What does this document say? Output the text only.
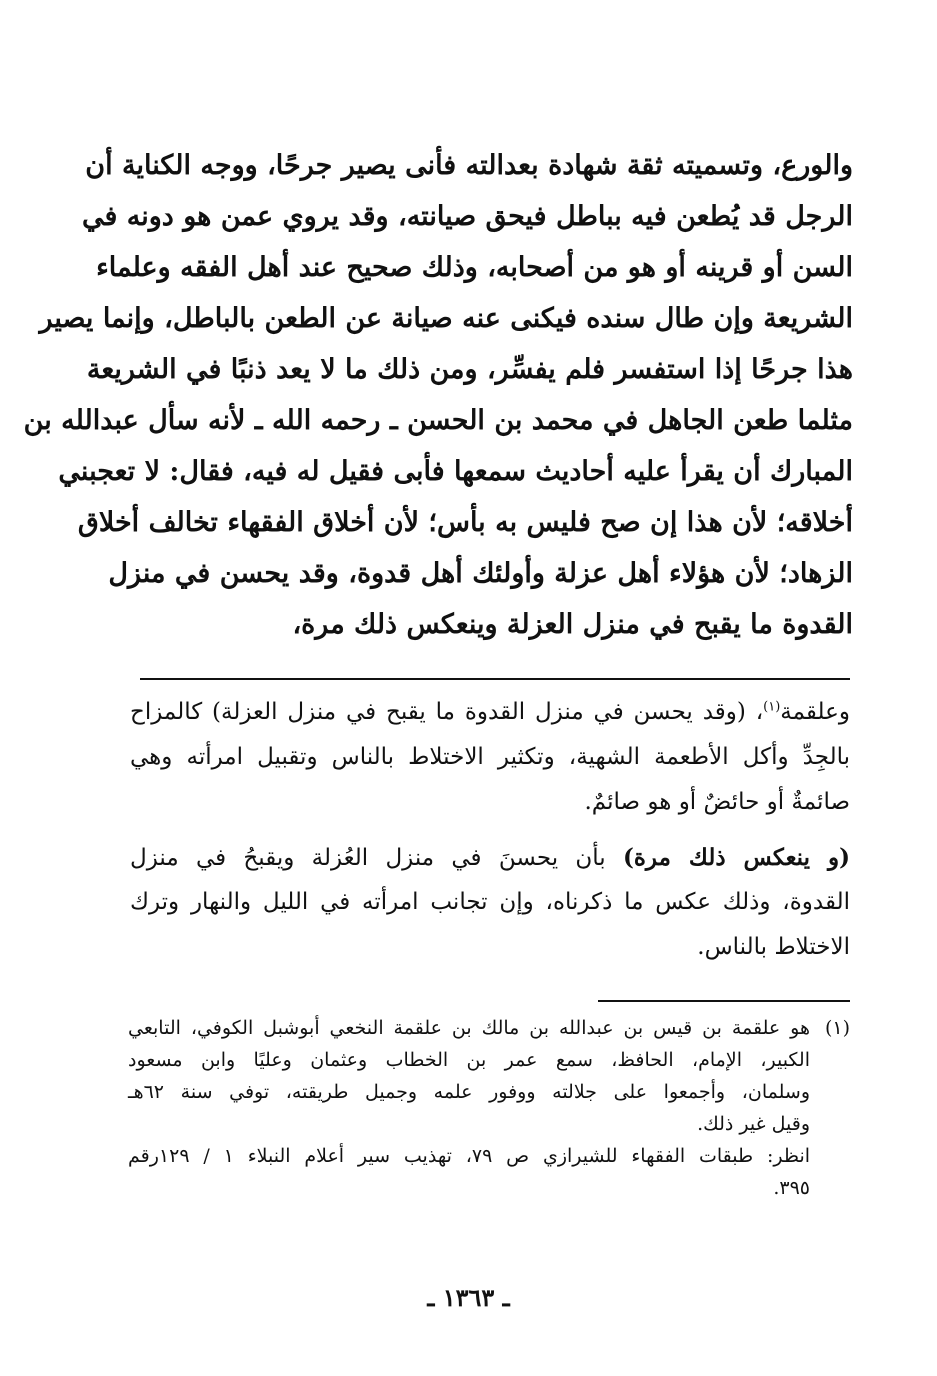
والورع، وتسميته ثقة شهادة بعدالته فأنى يصير جرحًا، ووجه الكناية أن
الرجل قد يُطعن فيه بباطل فيحق صيانته، وقد يروي عمن هو دونه في
السن أو قرينه أو هو من أصحابه، وذلك صحيح عند أهل الفقه وعلماء
الشريعة وإن طال سنده فيكنى عنه صيانة عن الطعن بالباطل، وإنما يصير
هذا جرحًا إذا استفسر فلم يفسِّر، ومن ذلك ما لا يعد ذنبًا في الشريعة
مثلما طعن الجاهل في محمد بن الحسن ـ رحمه الله ـ لأنه سأل عبدالله بن
المبارك أن يقرأ عليه أحاديث سمعها فأبى فقيل له فيه، فقال: لا تعجبني
أخلاقه؛ لأن هذا إن صح فليس به بأس؛ لأن أخلاق الفقهاء تخالف أخلاق
الزهاد؛ لأن هؤلاء أهل عزلة وأولئك أهل قدوة، وقد يحسن في منزل
القدوة ما يقبح في منزل العزلة وينعكس ذلك مرة،
وعلقمة$^{(١)}$، (وقد يحسن في منزل القدوة ما يقبح في منزل العزلة) كالمزاح
بالجِدِّ وأكل الأطعمة الشهية، وتكثير الاختلاط بالناس وتقبيل امرأته وهي
صائمةٌ أو حائضٌ أو هو صائمٌ.
(و ينعكس ذلك مرة) بأن يحسنَ في منزل العُزلة ويقبحُ في منزل
القدوة، وذلك عكس ما ذكرناه، وإن تجانب امرأته في الليل والنهار وترك
الاختلاط بالناس.
(١)هو علقمة بن قيس بن عبدالله بن مالك بن علقمة النخعي أبوشبل الكوفي، التابعي
الكبير، الإمام، الحافظ، سمع عمر بن الخطاب وعثمان وعليًا وابن مسعود
وسلمان، وأجمعوا على جلالته ووفور علمه وجميل طريقته، توفي سنة ٦٢هـ
وقيل غير ذلك.
انظر: طبقات الفقهاء للشيرازي ص ٧٩، تهذيب سير أعلام النبلاء ١ / ١٢٩رقم
٣٩٥.
ـ ١٣٦٣ ـ
